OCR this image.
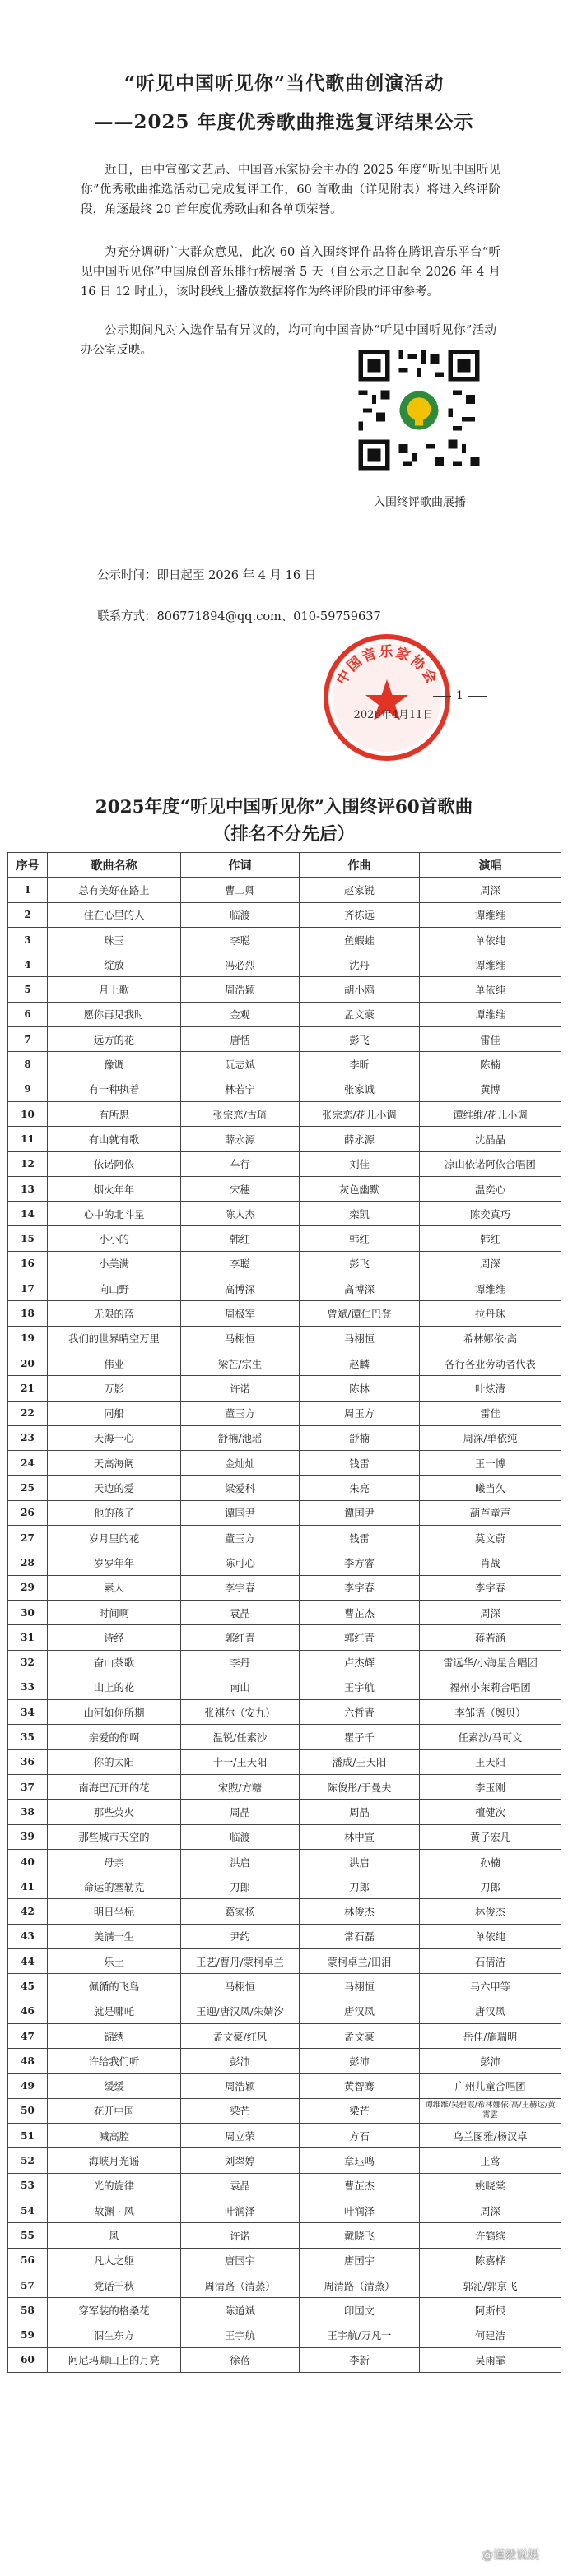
“听见中国听见你”当代歌曲创演活动
——2025 年度优秀歌曲推选复评结果公示
近日，由中宣部文艺局、中国音乐家协会主办的 2025 年度“听见中国听见你”优秀歌曲推选活动已完成复评工作，60 首歌曲（详见附表）将进入终评阶段，角逐最终 20 首年度优秀歌曲和各单项荣誉。
为充分调研广大群众意见，此次 60 首入围终评作品将在腾讯音乐平台“听见中国听见你”中国原创音乐排行榜展播 5 天（自公示之日起至 2026 年 4 月 16 日 12 时止），该时段线上播放数据将作为终评阶段的评审参考。
公示期间凡对入选作品有异议的，均可向中国音协“听见中国听见你”活动办公室反映。
入围终评歌曲展播
公示时间：即日起至 2026 年 4 月 16 日
联系方式：806771894@qq.com、010-59759637
中国音乐家协会
2026年4月11日
1
2025年度“听见中国听见你”入围终评60首歌曲
（排名不分先后）
序号	歌曲名称	作词	作曲	演唱
1	总有美好在路上	曹二卿	赵家锐	周深
2	住在心里的人	临渡	齐栋远	谭维维
3	珠玉	李聪	鱼蝦蛙	单依纯
4	绽放	冯必烈	沈丹	谭维维
5	月上歌	周浩颖	胡小鸥	单依纯
6	愿你再见我时	金观	孟文豪	谭维维
7	远方的花	唐恬	彭飞	雷佳
8	豫调	阮志斌	李昕	陈楠
9	有一种执着	林若宁	张家诚	黄博
10	有所思	张宗恋/古琦	张宗恋/花儿小调	谭维维/花儿小调
11	有山就有歌	薛永源	薛永源	沈晶晶
12	依诺阿依	车行	刘佳	凉山依诺阿依合唱团
13	烟火年年	宋穗	灰色幽默	温奕心
14	心中的北斗星	陈人杰	栾凯	陈奕真巧
15	小小的	韩红	韩红	韩红
16	小美满	李聪	彭飞	周深
17	向山野	高博深	高博深	谭维维
18	无限的蓝	周极军	曾斌/谭仁巴登	拉丹珠
19	我们的世界晴空万里	马栩恒	马栩恒	希林娜依·高
20	伟业	梁芒/宗生	赵麟	各行各业劳动者代表
21	万影	许诺	陈林	叶炫清
22	同船	董玉方	周玉方	雷佳
23	天海一心	舒楠/池瑶	舒楠	周深/单依纯
24	天高海阔	金灿灿	钱雷	王一博
25	天边的爱	梁爱科	朱亮	曦当久
26	他的孩子	谭国尹	谭国尹	葫芦童声
27	岁月里的花	董玉方	钱雷	莫文蔚
28	岁岁年年	陈可心	李方睿	肖战
29	素人	李宇春	李宇春	李宇春
30	时间啊	袁晶	曹芷杰	周深
31	诗经	郭红青	郭红青	蒋若涵
32	奋山茶歌	李丹	卢杰辉	雷远华/小海星合唱团
33	山上的花	南山	王宇航	福州小茉莉合唱团
34	山河如你所期	张祺尔（安九）	六哲青	李邹语（舆贝）
35	亲爱的你啊	温锐/任素沙	瞿子千	任素沙/马可文
36	你的太阳	十一/王天阳	潘成/王天阳	王天阳
37	南海巴瓦开的花	宋煦/方糖	陈俊彤/于曼夫	李玉刚
38	那些荧火	周晶	周晶	檀健次
39	那些城市天空的	临渡	林中宣	黄子宏凡
40	母亲	洪启	洪启	孙楠
41	命运的塞勒克	刀郎	刀郎	刀郎
42	明日坐标	葛家扬	林俊杰	林俊杰
43	美满一生	尹约	常石磊	单依纯
44	乐土	王艺/曹丹/蒙柯卓兰	蒙柯卓兰/田泪	石倩洁
45	佩循的飞鸟	马栩恒	马栩恒	马六甲等
46	就是哪吒	王迎/唐汉凤/朱婧汐	唐汉凤	唐汉凤
47	锦绣	孟文豪/红风	孟文豪	岳佳/施瑞明
48	许给我们听	彭沛	彭沛	彭沛
49	缓缓	周浩颖	黄智骞	广州儿童合唱团
50	花开中国	梁芒	梁芒	谭维维/吴碧霞/希林娜依·高/王赫达/黄霄雲
51	喊高腔	周立荣	方石	乌兰图雅/杨汉卓
52	海峡月光谣	刘翠婷	章珏鸣	王莺
53	光的旋律	袁晶	曹芷杰	姚晓棠
54	故渊 · 风	叶润泽	叶润泽	周深
55	风	许诺	戴晓飞	许鹤缤
56	凡人之躯	唐国宇	唐国宇	陈嘉桦
57	党话千秋	周清路（清蒸）	周清路（清蒸）	郭沁/郭京飞
58	穿军装的格桑花	陈道斌	印国文	阿斯根
59	泅生东方	王宇航	王宇航/万凡一	何建洁
60	阿尼玛卿山上的月亮	徐蓓	李新	吴雨霏
@谨毅说娱
